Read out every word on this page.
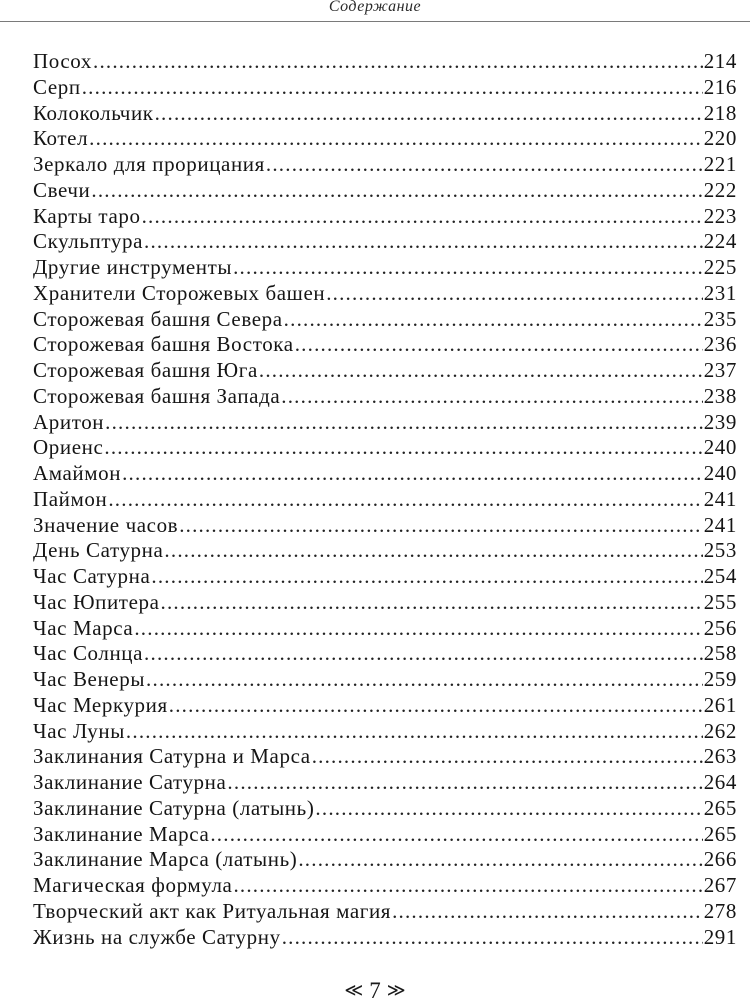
Содержание
Посох .....	214
Серп .....	216
Колокольчик .....	218
Котел .....	220
Зеркало для прорицания .....	221
Свечи .....	222
Карты таро .....	223
Скульптура .....	224
Другие инструменты .....	225
Хранители Сторожевых башен .....	231
Сторожевая башня Севера .....	235
Сторожевая башня Востока .....	236
Сторожевая башня Юга .....	237
Сторожевая башня Запада .....	238
Аритон .....	239
Ориенс .....	240
Амаймон .....	240
Паймон .....	241
Значение часов .....	241
День Сатурна .....	253
Час Сатурна .....	254
Час Юпитера .....	255
Час Марса .....	256
Час Солнца .....	258
Час Венеры .....	259
Час Меркурия .....	261
Час Луны .....	262
Заклинания Сатурна и Марса .....	263
Заклинание Сатурна .....	264
Заклинание Сатурна (латынь) .....	265
Заклинание Марса .....	265
Заклинание Марса (латынь) .....	266
Магическая формула .....	267
Творческий акт как Ритуальная магия .....	278
Жизнь на службе Сатурну .....	291
≪ 7 ≫
